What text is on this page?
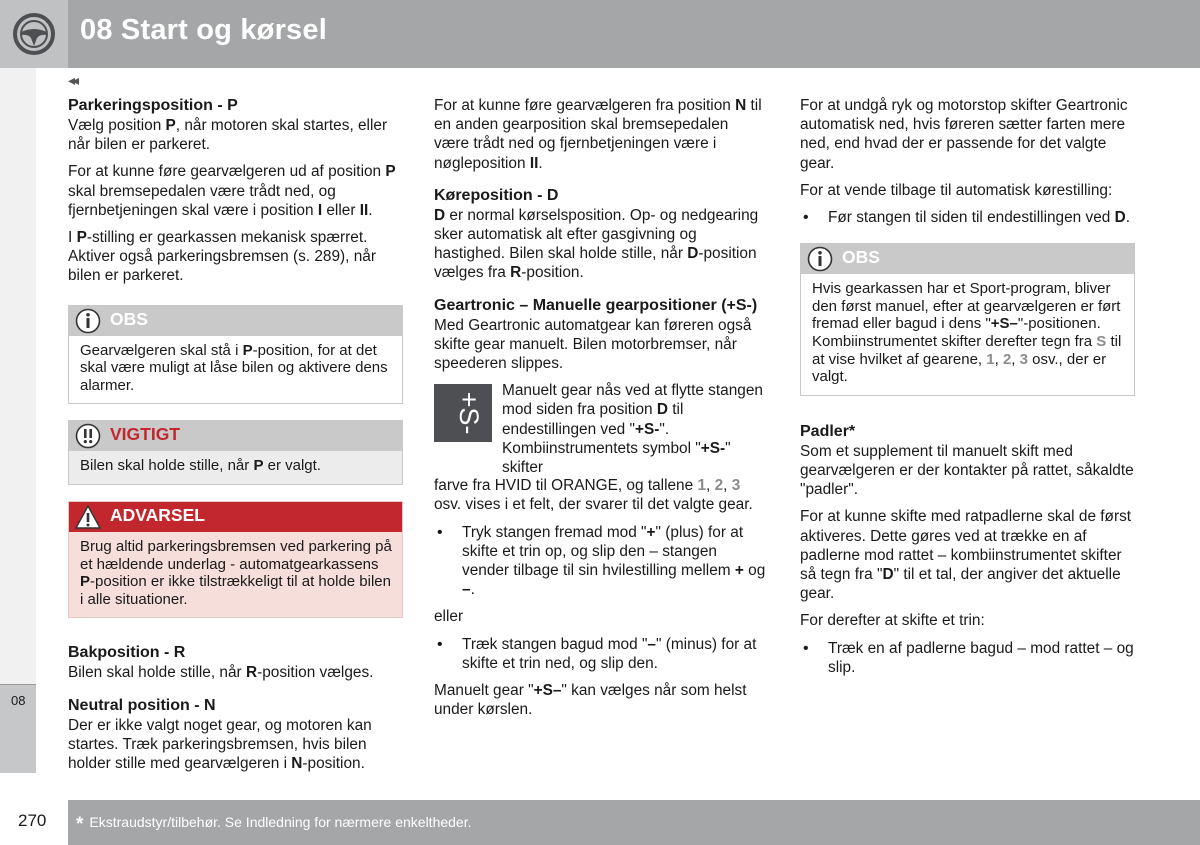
08 Start og kørsel
08
◂◂
Parkeringsposition - P

Vælg position P, når motoren skal startes, eller når bilen er parkeret.

For at kunne føre gearvælgeren ud af position P skal bremsepedalen være trådt ned, og fjernbetjeningen skal være i position I eller II.

I P-stilling er gearkassen mekanisk spærret. Aktiver også parkeringsbremsen (s. 289), når bilen er parkeret.

OBS
Gearvælgeren skal stå i P-position, for at det skal være muligt at låse bilen og aktivere dens alarmer.
VIGTIGT
Bilen skal holde stille, når P er valgt.
ADVARSEL
Brug altid parkeringsbremsen ved parkering på et hældende underlag - automatgearkassens P-position er ikke tilstrækkeligt til at holde bilen i alle situationer.
Bakposition - R

Bilen skal holde stille, når R-position vælges.

Neutral position - N

Der er ikke valgt noget gear, og motoren kan startes. Træk parkeringsbremsen, hvis bilen holder stille med gearvælgeren i N-position.

For at kunne føre gearvælgeren fra position N til en anden gearposition skal bremsepedalen være trådt ned og fjernbetjeningen være i nøgleposition II.

Køreposition - D

D er normal kørselsposition. Op- og nedgearing sker automatisk alt efter gasgivning og hastighed. Bilen skal holde stille, når D-position vælges fra R-position.

Geartronic – Manuelle gearpositioner (+S-)

Med Geartronic automatgear kan føreren også skifte gear manuelt. Bilen motorbremser, når speederen slippes.

+S-
Manuelt gear nås ved at flytte stangen mod siden fra position D til endestillingen ved "+S-". Kombiinstrumentets symbol "+S-" skifter

farve fra HVID til ORANGE, og tallene 1, 2, 3 osv. vises i et felt, der svarer til det valgte gear.

• Tryk stangen fremad mod "+" (plus) for at skifte et trin op, og slip den – stangen vender tilbage til sin hvilestilling mellem + og –.

eller

• Træk stangen bagud mod "–" (minus) for at skifte et trin ned, og slip den.

Manuelt gear "+S–" kan vælges når som helst under kørslen.

For at undgå ryk og motorstop skifter Geartronic automatisk ned, hvis føreren sætter farten mere ned, end hvad der er passende for det valgte gear.

For at vende tilbage til automatisk kørestilling:

• Før stangen til siden til endestillingen ved D.
OBS
Hvis gearkassen har et Sport-program, bliver den først manuel, efter at gearvælgeren er ført fremad eller bagud i dens "+S–"-positionen. Kombiinstrumentet skifter derefter tegn fra S til at vise hvilket af gearene, 1, 2, 3 osv., der er valgt.
Padler*

Som et supplement til manuelt skift med gearvælgeren er der kontakter på rattet, såkaldte "padler".

For at kunne skifte med ratpadlerne skal de først aktiveres. Dette gøres ved at trække en af padlerne mod rattet – kombiinstrumentet skifter så tegn fra "D" til et tal, der angiver det aktuelle gear.

For derefter at skifte et trin:

• Træk en af padlerne bagud – mod rattet – og slip.
270 * Ekstraudstyr/tilbehør. Se Indledning for nærmere enkeltheder.
